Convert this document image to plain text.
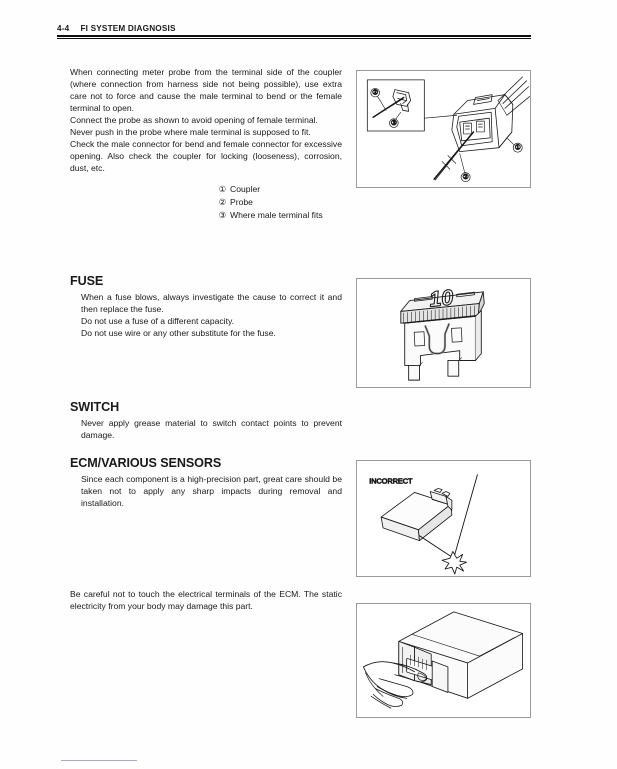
4-4 FI SYSTEM DIAGNOSIS

When connecting meter probe from the terminal side of the coupler (where connection from harness side not being possible), use extra care not to force and cause the male terminal to bend or the female terminal to open.

Connect the probe as shown to avoid opening of female terminal.

Never push in the probe where male terminal is supposed to fit.

Check the male connector for bend and female connector for excessive opening. Also check the coupler for locking (looseness), corrosion, dust, etc.

① Coupler
② Probe
③ Where male terminal fits
FUSE

When a fuse blows, always investigate the cause to correct it and then replace the fuse.

Do not use a fuse of a different capacity.

Do not use wire or any other substitute for the fuse.

SWITCH

Never apply grease material to switch contact points to prevent damage.

ECM/VARIOUS SENSORS

Since each component is a high-precision part, great care should be taken not to apply any sharp impacts during removal and installation.

Be careful not to touch the electrical terminals of the ECM. The static electricity from your body may damage this part.

②
③
①
②
10
INCORRECT
